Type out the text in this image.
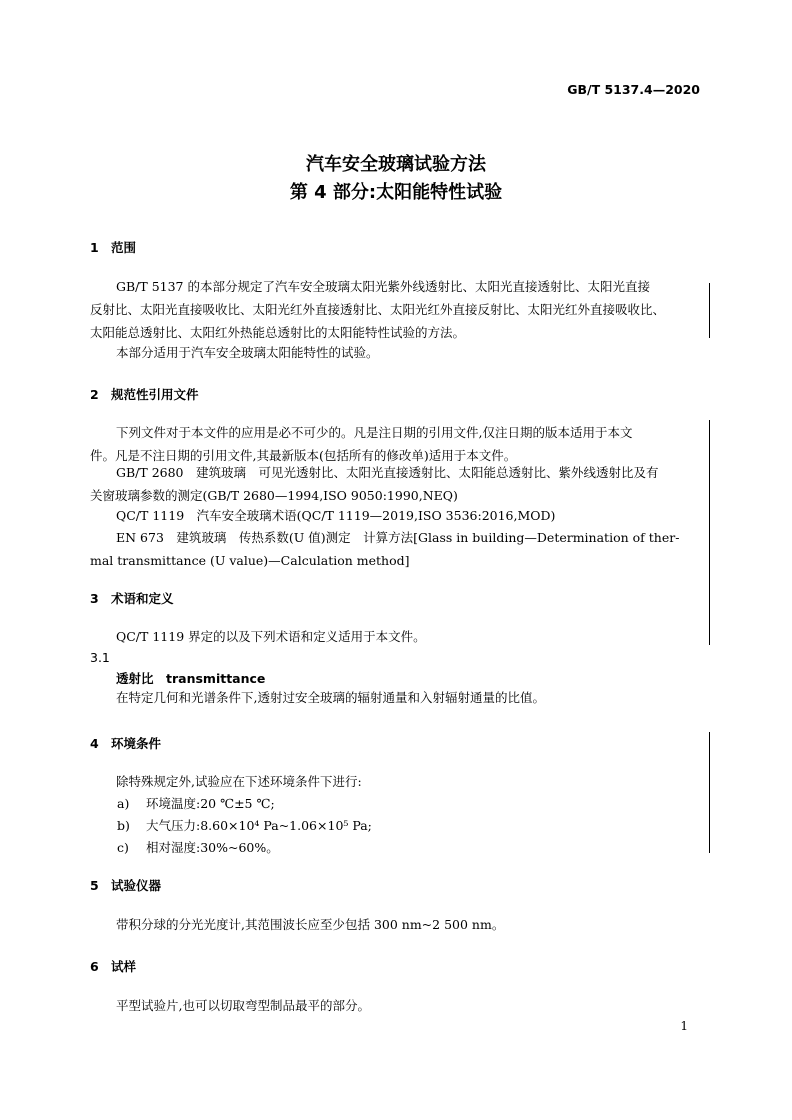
GB/T 5137.4—2020
汽车安全玻璃试验方法
第 4 部分:太阳能特性试验
1 范围
GB/T 5137 的本部分规定了汽车安全玻璃太阳光紫外线透射比、太阳光直接透射比、太阳光直接
反射比、太阳光直接吸收比、太阳光红外直接透射比、太阳光红外直接反射比、太阳光红外直接吸收比、
太阳能总透射比、太阳红外热能总透射比的太阳能特性试验的方法。
本部分适用于汽车安全玻璃太阳能特性的试验。
2 规范性引用文件
下列文件对于本文件的应用是必不可少的。凡是注日期的引用文件,仅注日期的版本适用于本文
件。凡是不注日期的引用文件,其最新版本(包括所有的修改单)适用于本文件。
GB/T 2680　建筑玻璃　可见光透射比、太阳光直接透射比、太阳能总透射比、紫外线透射比及有
关窗玻璃参数的测定(GB/T 2680—1994,ISO 9050:1990,NEQ)
QC/T 1119　汽车安全玻璃术语(QC/T 1119—2019,ISO 3536:2016,MOD)
EN 673　建筑玻璃　传热系数(U 值)测定　计算方法[Glass in building—Determination of ther-
mal transmittance (U value)—Calculation method]
3 术语和定义
QC/T 1119 界定的以及下列术语和定义适用于本文件。
3.1
透射比　transmittance
在特定几何和光谱条件下,透射过安全玻璃的辐射通量和入射辐射通量的比值。
4 环境条件
除特殊规定外,试验应在下述环境条件下进行:
a) 环境温度:20 ℃±5 ℃;
b) 大气压力:8.60×10⁴ Pa~1.06×10⁵ Pa;
c) 相对湿度:30%~60%。
5 试验仪器
带积分球的分光光度计,其范围波长应至少包括 300 nm~2 500 nm。
6 试样
平型试验片,也可以切取弯型制品最平的部分。
1
